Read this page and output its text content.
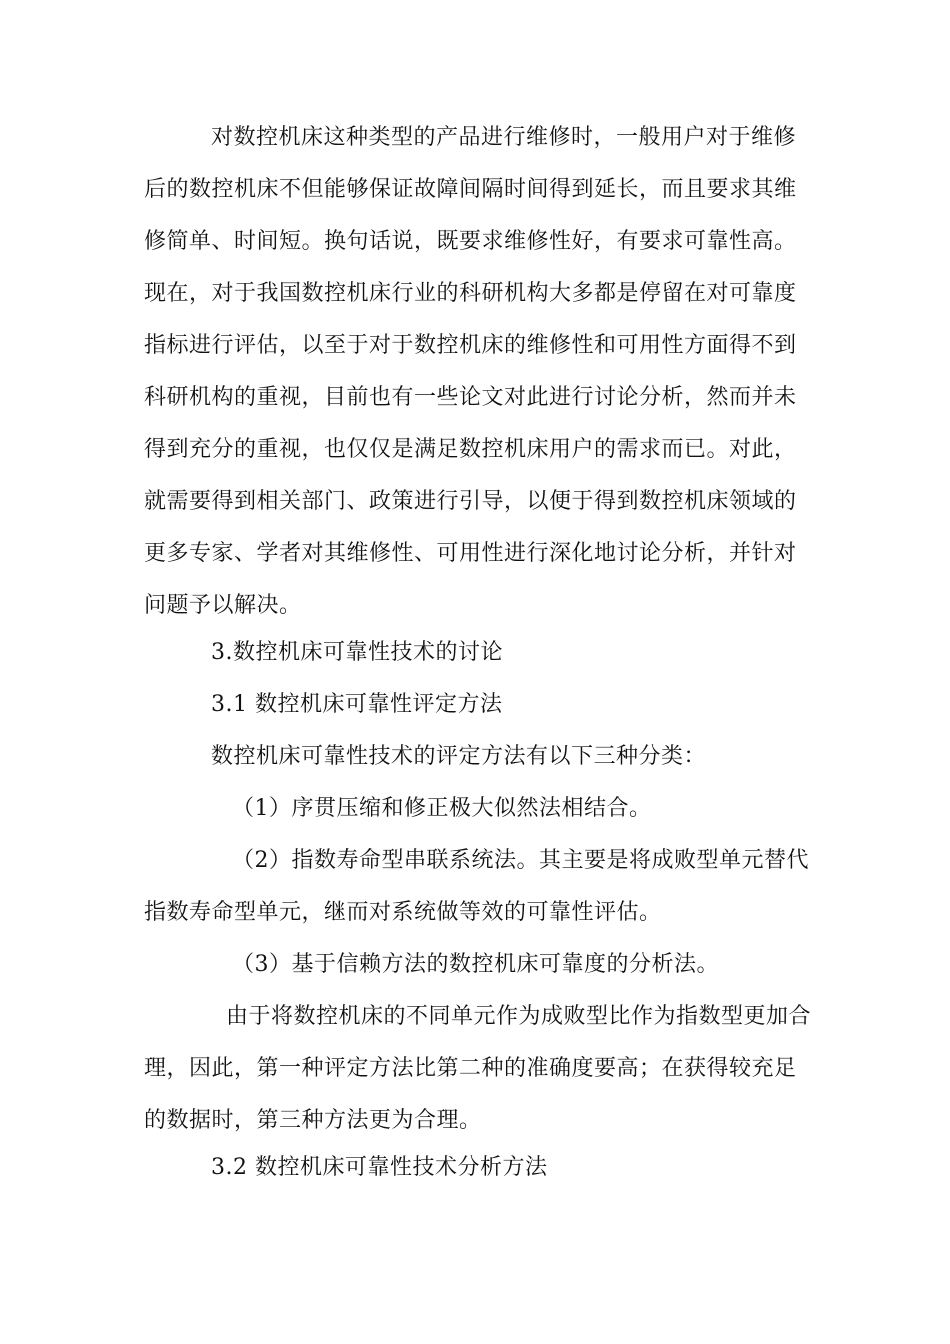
对数控机床这种类型的产品进行维修时，一般用户对于维修
后的数控机床不但能够保证故障间隔时间得到延长，而且要求其维
修简单、时间短。换句话说，既要求维修性好，有要求可靠性高。
现在，对于我国数控机床行业的科研机构大多都是停留在对可靠度
指标进行评估，以至于对于数控机床的维修性和可用性方面得不到
科研机构的重视，目前也有一些论文对此进行讨论分析，然而并未
得到充分的重视，也仅仅是满足数控机床用户的需求而已。对此，
就需要得到相关部门、政策进行引导，以便于得到数控机床领域的
更多专家、学者对其维修性、可用性进行深化地讨论分析，并针对
问题予以解决。
3.数控机床可靠性技术的讨论
3.1 数控机床可靠性评定方法
数控机床可靠性技术的评定方法有以下三种分类：
（1）序贯压缩和修正极大似然法相结合。
（2）指数寿命型串联系统法。其主要是将成败型单元替代
指数寿命型单元，继而对系统做等效的可靠性评估。
（3）基于信赖方法的数控机床可靠度的分析法。
由于将数控机床的不同单元作为成败型比作为指数型更加合
理，因此，第一种评定方法比第二种的准确度要高；在获得较充足
的数据时，第三种方法更为合理。
3.2 数控机床可靠性技术分析方法
